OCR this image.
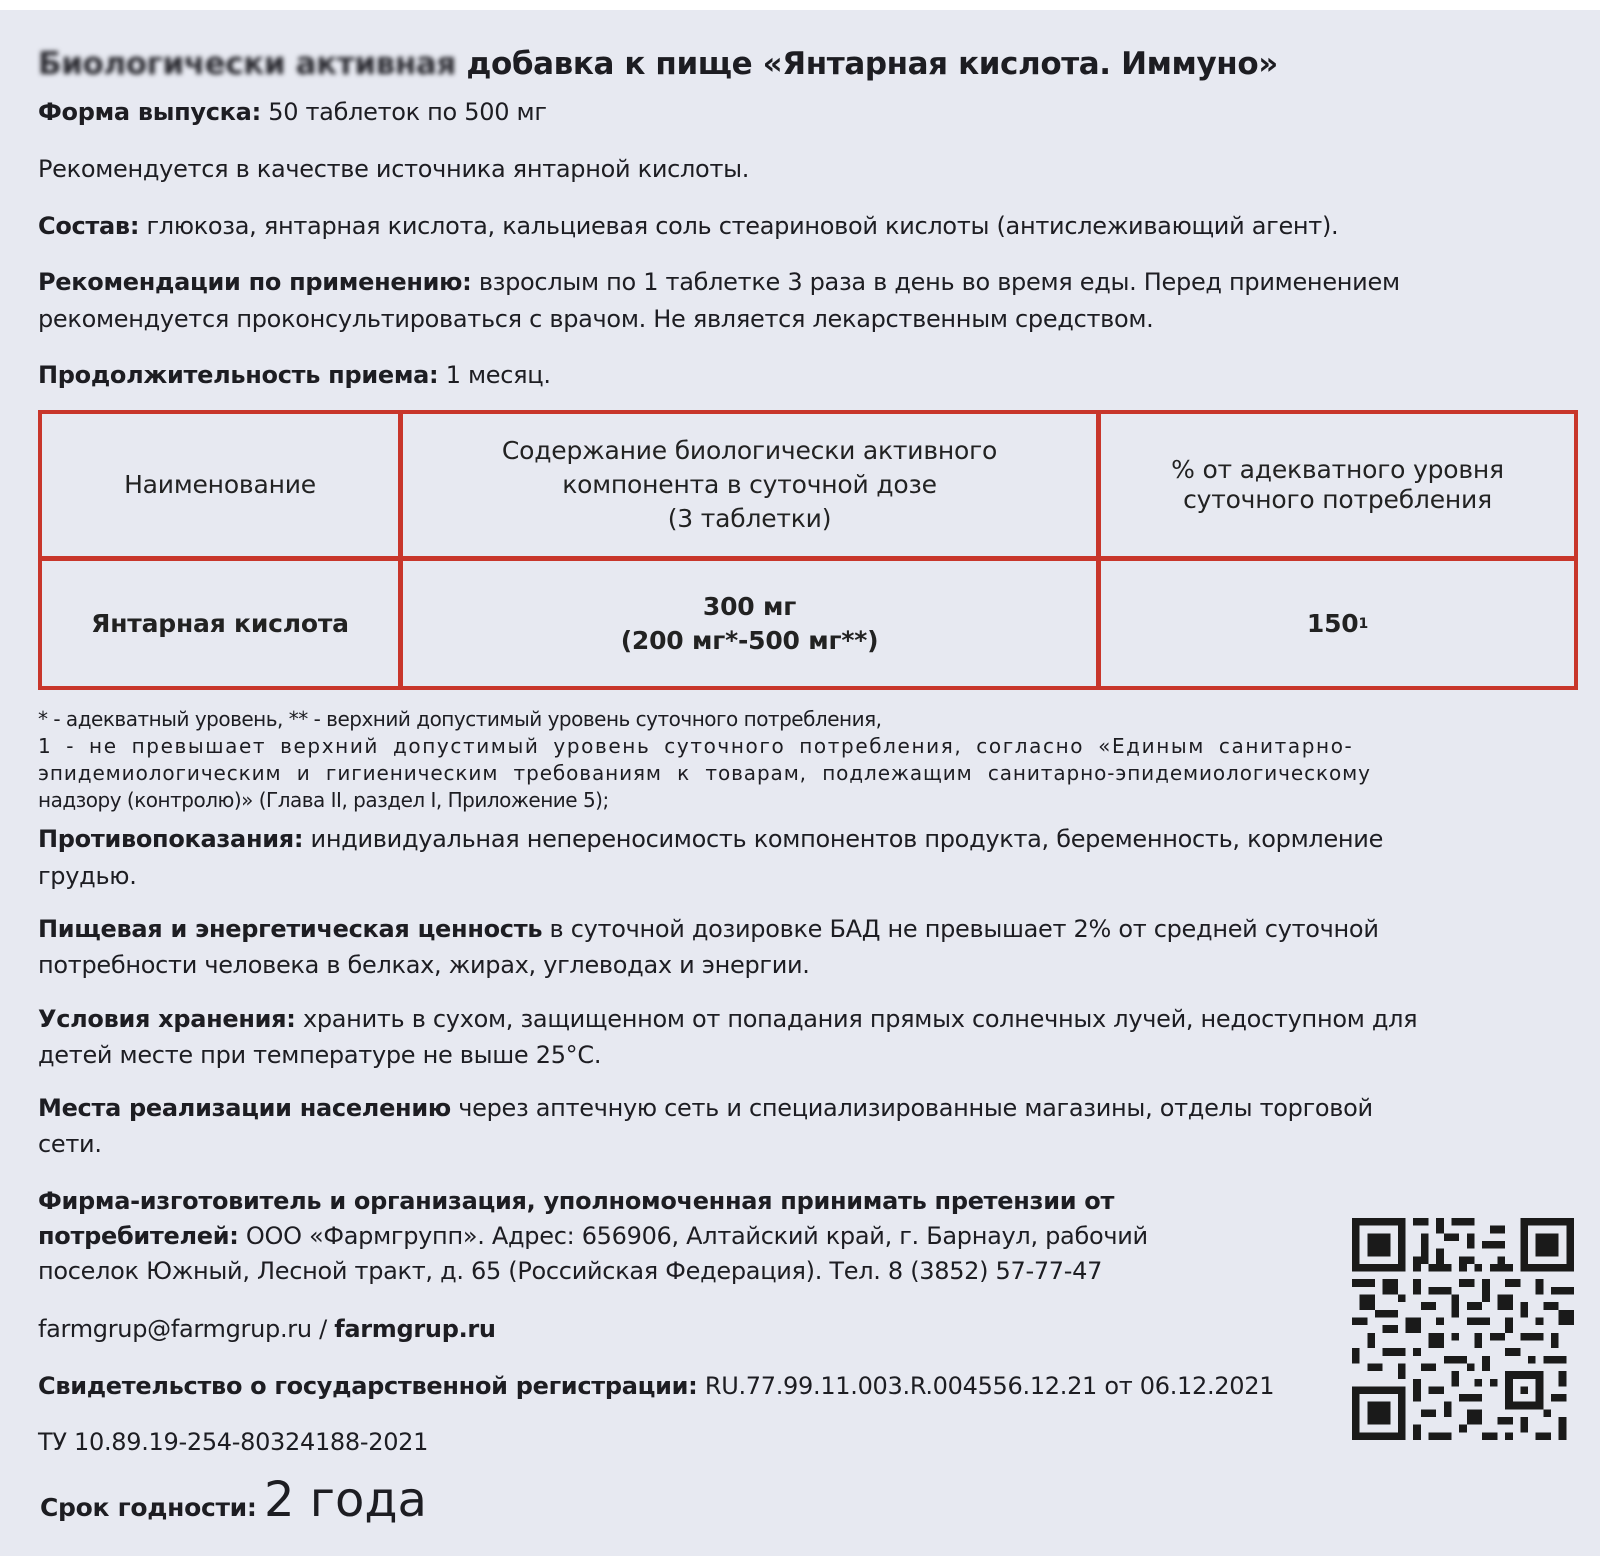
Биологически активная добавка к пище «Янтарная кислота. Иммуно»
Форма выпуска: 50 таблеток по 500 мг
Рекомендуется в качестве источника янтарной кислоты.
Состав: глюкоза, янтарная кислота, кальциевая соль стеариновой кислоты (антислеживающий агент).
Рекомендации по применению: взрослым по 1 таблетке 3 раза в день во время еды. Перед применением
рекомендуется проконсультироваться с врачом. Не является лекарственным средством.
Продолжительность приема: 1 месяц.
Наименование
Содержание биологически активного
компонента в суточной дозе
(3 таблетки)
% от адекватного уровня
суточного потребления
Янтарная кислота
300 мг
(200 мг*-500 мг**)
150 1
* - адекватный уровень, ** - верхний допустимый уровень суточного потребления,
1 - не превышает верхний допустимый уровень суточного потребления, согласно «Единым санитарно-
эпидемиологическим и гигиеническим требованиям к товарам, подлежащим санитарно-эпидемиологическому
надзору (контролю)» (Глава II, раздел I, Приложение 5);
Противопоказания: индивидуальная непереносимость компонентов продукта, беременность, кормление
грудью.
Пищевая и энергетическая ценность в суточной дозировке БАД не превышает 2% от средней суточной
потребности человека в белках, жирах, углеводах и энергии.
Условия хранения: хранить в сухом, защищенном от попадания прямых солнечных лучей, недоступном для
детей месте при температуре не выше 25°С.
Места реализации населению через аптечную сеть и специализированные магазины, отделы торговой
сети.
Фирма-изготовитель и организация, уполномоченная принимать претензии от
потребителей: ООО «Фармгрупп». Адрес: 656906, Алтайский край, г. Барнаул, рабочий
поселок Южный, Лесной тракт, д. 65 (Российская Федерация). Тел. 8 (3852) 57-77-47
farmgrup@farmgrup.ru / farmgrup.ru
Свидетельство о государственной регистрации: RU.77.99.11.003.R.004556.12.21 от 06.12.2021
ТУ 10.89.19-254-80324188-2021
Срок годности: 2 года
